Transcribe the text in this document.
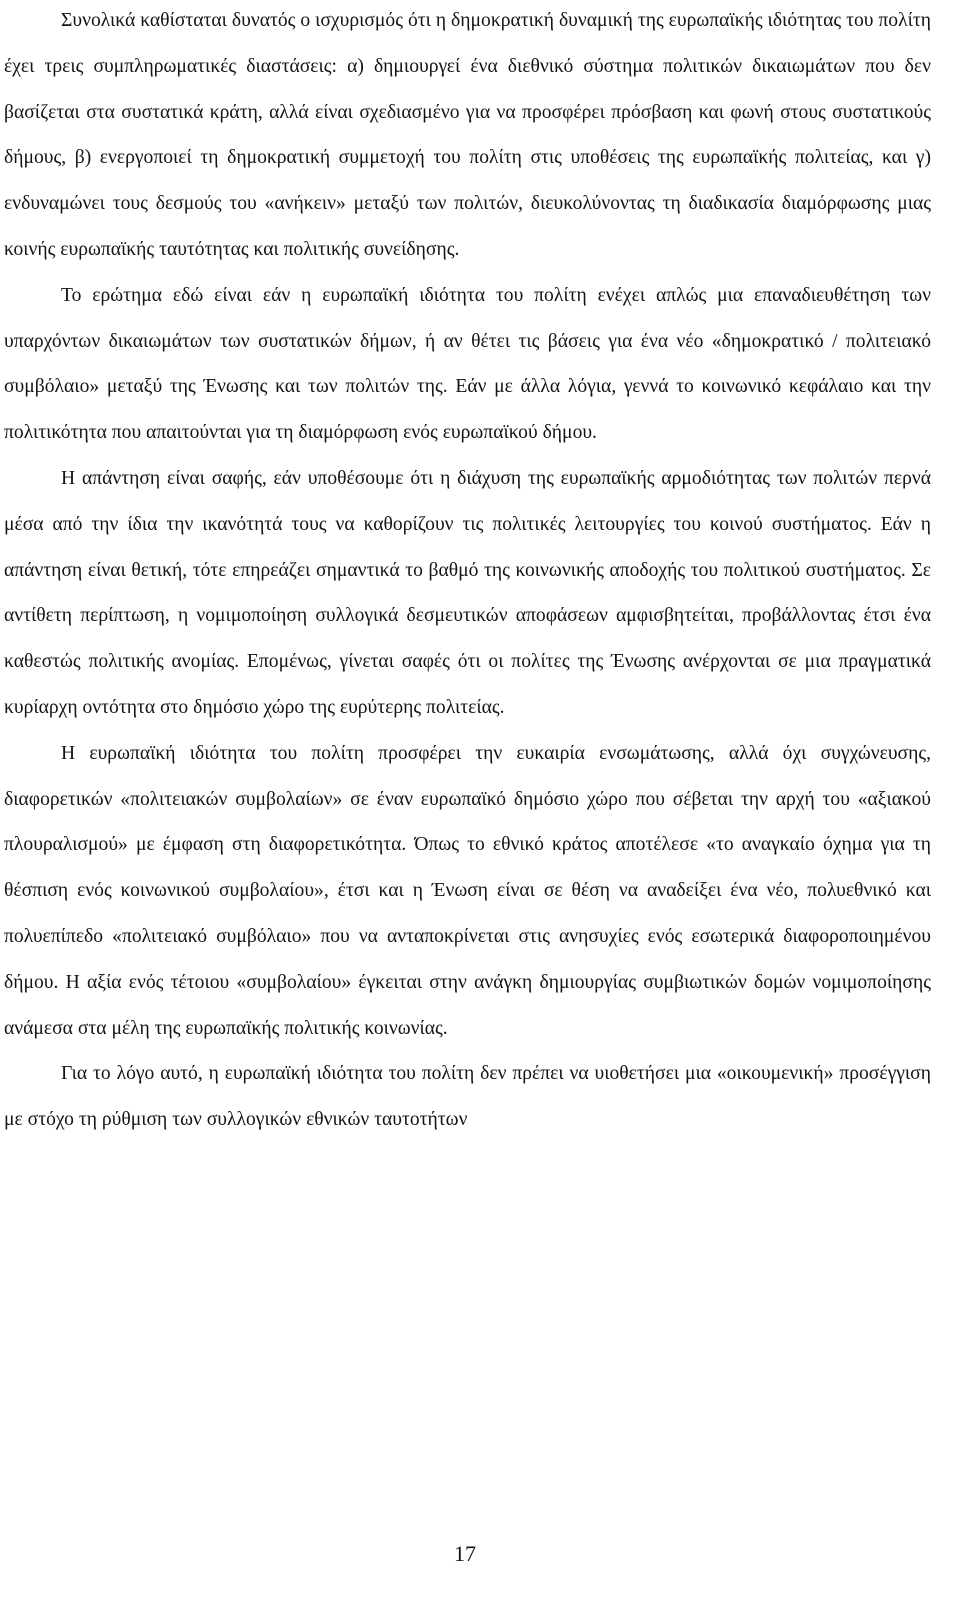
Συνολικά καθίσταται δυνατός ο ισχυρισμός ότι η δημοκρατική δυναμική της ευρωπαϊκής ιδιότητας του πολίτη έχει τρεις συμπληρωματικές διαστάσεις: α) δημιουργεί ένα διεθνικό σύστημα πολιτικών δικαιωμάτων που δεν βασίζεται στα συστατικά κράτη, αλλά είναι σχεδιασμένο για να προσφέρει πρόσβαση και φωνή στους συστατικούς δήμους, β) ενεργοποιεί τη δημοκρατική συμμετοχή του πολίτη στις υποθέσεις της ευρωπαϊκής πολιτείας, και γ) ενδυναμώνει τους δεσμούς του «ανήκειν» μεταξύ των πολιτών, διευκολύνοντας τη διαδικασία διαμόρφωσης μιας κοινής ευρωπαϊκής ταυτότητας και πολιτικής συνείδησης.

Το ερώτημα εδώ είναι εάν η ευρωπαϊκή ιδιότητα του πολίτη ενέχει απλώς μια επαναδιευθέτηση των υπαρχόντων δικαιωμάτων των συστατικών δήμων, ή αν θέτει τις βάσεις για ένα νέο «δημοκρατικό / πολιτειακό συμβόλαιο» μεταξύ της Ένωσης και των πολιτών της. Εάν με άλλα λόγια, γεννά το κοινωνικό κεφάλαιο και την πολιτικότητα που απαιτούνται για τη διαμόρφωση ενός ευρωπαϊκού δήμου.

Η απάντηση είναι σαφής, εάν υποθέσουμε ότι η διάχυση της ευρωπαϊκής αρμοδιότητας των πολιτών περνά μέσα από την ίδια την ικανότητά τους να καθορίζουν τις πολιτικές λειτουργίες του κοινού συστήματος. Εάν η απάντηση είναι θετική, τότε επηρεάζει σημαντικά το βαθμό της κοινωνικής αποδοχής του πολιτικού συστήματος. Σε αντίθετη περίπτωση, η νομιμοποίηση συλλογικά δεσμευτικών αποφάσεων αμφισβητείται, προβάλλοντας έτσι ένα καθεστώς πολιτικής ανομίας. Επομένως, γίνεται σαφές ότι οι πολίτες της Ένωσης ανέρχονται σε μια πραγματικά κυρίαρχη οντότητα στο δημόσιο χώρο της ευρύτερης πολιτείας.

Η ευρωπαϊκή ιδιότητα του πολίτη προσφέρει την ευκαιρία ενσωμάτωσης, αλλά όχι συγχώνευσης, διαφορετικών «πολιτειακών συμβολαίων» σε έναν ευρωπαϊκό δημόσιο χώρο που σέβεται την αρχή του «αξιακού πλουραλισμού» με έμφαση στη διαφορετικότητα. Όπως το εθνικό κράτος αποτέλεσε «το αναγκαίο όχημα για τη θέσπιση ενός κοινωνικού συμβολαίου», έτσι και η Ένωση είναι σε θέση να αναδείξει ένα νέο, πολυεθνικό και πολυεπίπεδο «πολιτειακό συμβόλαιο» που να ανταποκρίνεται στις ανησυχίες ενός εσωτερικά διαφοροποιημένου δήμου. Η αξία ενός τέτοιου «συμβολαίου» έγκειται στην ανάγκη δημιουργίας συμβιωτικών δομών νομιμοποίησης ανάμεσα στα μέλη της ευρωπαϊκής πολιτικής κοινωνίας.

Για το λόγο αυτό, η ευρωπαϊκή ιδιότητα του πολίτη δεν πρέπει να υιοθετήσει μια «οικουμενική» προσέγγιση με στόχο τη ρύθμιση των συλλογικών εθνικών ταυτοτήτων

17
